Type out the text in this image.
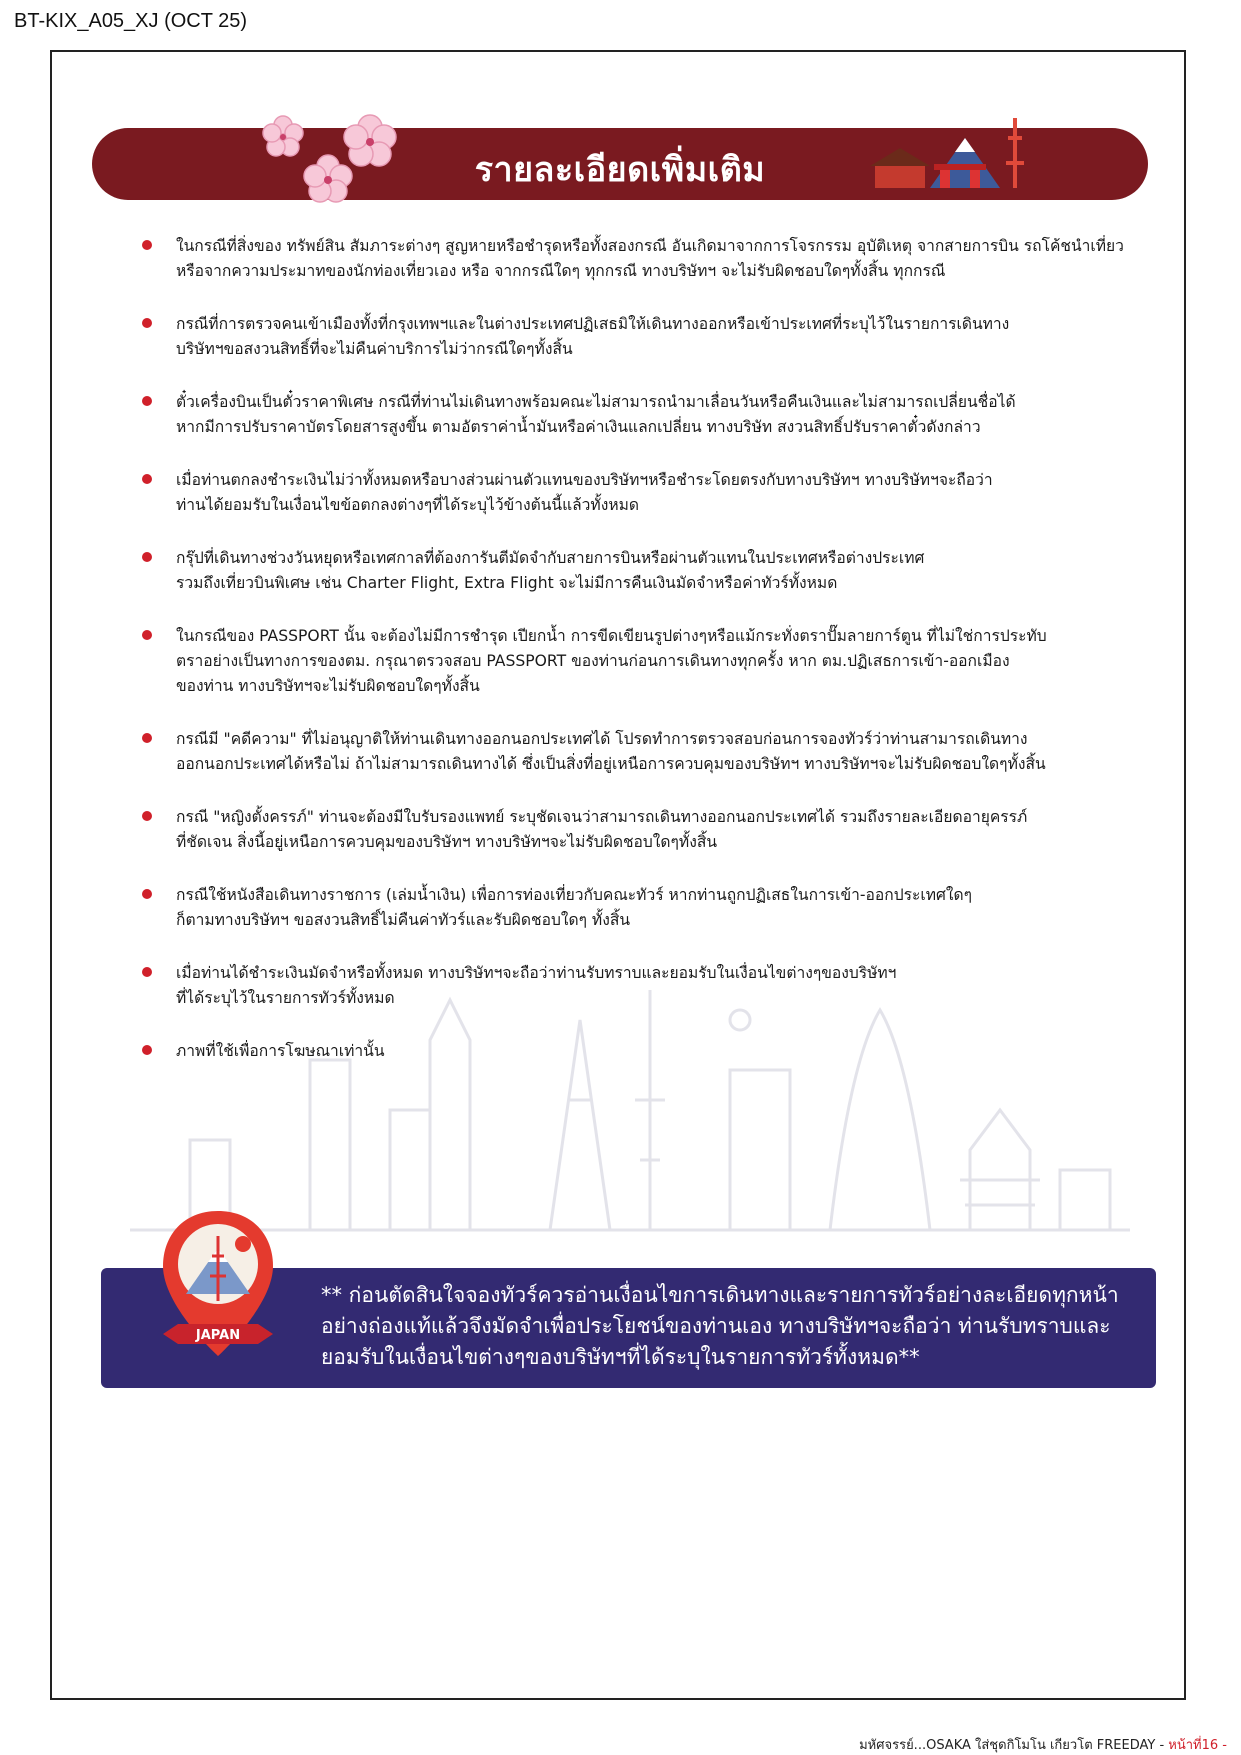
BT-KIX_A05_XJ (OCT 25)
รายละเอียดเพิ่มเติม
ในกรณีที่สิ่งของ ทรัพย์สิน สัมภาระต่างๆ สูญหายหรือชำรุดหรือทั้งสองกรณี อันเกิดมาจากการโจรกรรม อุบัติเหตุ จากสายการบิน รถโค้ชนำเที่ยว
หรือจากความประมาทของนักท่องเที่ยวเอง หรือ จากกรณีใดๆ ทุกกรณี ทางบริษัทฯ จะไม่รับผิดชอบใดๆทั้งสิ้น ทุกกรณี
กรณีที่การตรวจคนเข้าเมืองทั้งที่กรุงเทพฯและในต่างประเทศปฏิเสธมิให้เดินทางออกหรือเข้าประเทศที่ระบุไว้ในรายการเดินทาง
บริษัทฯขอสงวนสิทธิ์ที่จะไม่คืนค่าบริการไม่ว่ากรณีใดๆทั้งสิ้น
ตั๋วเครื่องบินเป็นตั๋วราคาพิเศษ กรณีที่ท่านไม่เดินทางพร้อมคณะไม่สามารถนำมาเลื่อนวันหรือคืนเงินและไม่สามารถเปลี่ยนชื่อได้
หากมีการปรับราคาบัตรโดยสารสูงขึ้น ตามอัตราค่าน้ำมันหรือค่าเงินแลกเปลี่ยน ทางบริษัท สงวนสิทธิ์ปรับราคาตั๋วดังกล่าว
เมื่อท่านตกลงชำระเงินไม่ว่าทั้งหมดหรือบางส่วนผ่านตัวแทนของบริษัทฯหรือชำระโดยตรงกับทางบริษัทฯ ทางบริษัทฯจะถือว่า
ท่านได้ยอมรับในเงื่อนไขข้อตกลงต่างๆที่ได้ระบุไว้ข้างต้นนี้แล้วทั้งหมด
กรุ๊ปที่เดินทางช่วงวันหยุดหรือเทศกาลที่ต้องการันตีมัดจำกับสายการบินหรือผ่านตัวแทนในประเทศหรือต่างประเทศ
รวมถึงเที่ยวบินพิเศษ เช่น Charter Flight, Extra Flight จะไม่มีการคืนเงินมัดจำหรือค่าทัวร์ทั้งหมด
ในกรณีของ PASSPORT นั้น จะต้องไม่มีการชำรุด เปียกน้ำ การขีดเขียนรูปต่างๆหรือแม้กระทั่งตราปั๊มลายการ์ตูน ที่ไม่ใช่การประทับ
ตราอย่างเป็นทางการของตม. กรุณาตรวจสอบ PASSPORT ของท่านก่อนการเดินทางทุกครั้ง หาก ตม.ปฏิเสธการเข้า-ออกเมือง
ของท่าน ทางบริษัทฯจะไม่รับผิดชอบใดๆทั้งสิ้น
กรณีมี "คดีความ" ที่ไม่อนุญาติให้ท่านเดินทางออกนอกประเทศได้ โปรดทำการตรวจสอบก่อนการจองทัวร์ว่าท่านสามารถเดินทาง
ออกนอกประเทศได้หรือไม่ ถ้าไม่สามารถเดินทางได้ ซึ่งเป็นสิ่งที่อยู่เหนือการควบคุมของบริษัทฯ ทางบริษัทฯจะไม่รับผิดชอบใดๆทั้งสิ้น
กรณี "หญิงตั้งครรภ์" ท่านจะต้องมีใบรับรองแพทย์ ระบุชัดเจนว่าสามารถเดินทางออกนอกประเทศได้ รวมถึงรายละเอียดอายุครรภ์
ที่ชัดเจน สิ่งนี้อยู่เหนือการควบคุมของบริษัทฯ ทางบริษัทฯจะไม่รับผิดชอบใดๆทั้งสิ้น
กรณีใช้หนังสือเดินทางราชการ (เล่มน้ำเงิน) เพื่อการท่องเที่ยวกับคณะทัวร์ หากท่านถูกปฏิเสธในการเข้า-ออกประเทศใดๆ
ก็ตามทางบริษัทฯ ขอสงวนสิทธิ์ไม่คืนค่าทัวร์และรับผิดชอบใดๆ ทั้งสิ้น
เมื่อท่านได้ชำระเงินมัดจำหรือทั้งหมด ทางบริษัทฯจะถือว่าท่านรับทราบและยอมรับในเงื่อนไขต่างๆของบริษัทฯ
ที่ได้ระบุไว้ในรายการทัวร์ทั้งหมด
ภาพที่ใช้เพื่อการโฆษณาเท่านั้น
** ก่อนตัดสินใจจองทัวร์ควรอ่านเงื่อนไขการเดินทางและรายการทัวร์อย่างละเอียดทุกหน้า
อย่างถ่องแท้แล้วจึงมัดจำเพื่อประโยชน์ของท่านเอง ทางบริษัทฯจะถือว่า ท่านรับทราบและ
ยอมรับในเงื่อนไขต่างๆของบริษัทฯที่ได้ระบุในรายการทัวร์ทั้งหมด**
JAPAN
มหัศจรรย์...OSAKA ใส่ชุดกิโมโน เกียวโต FREEDAY - หน้าที่16 -
